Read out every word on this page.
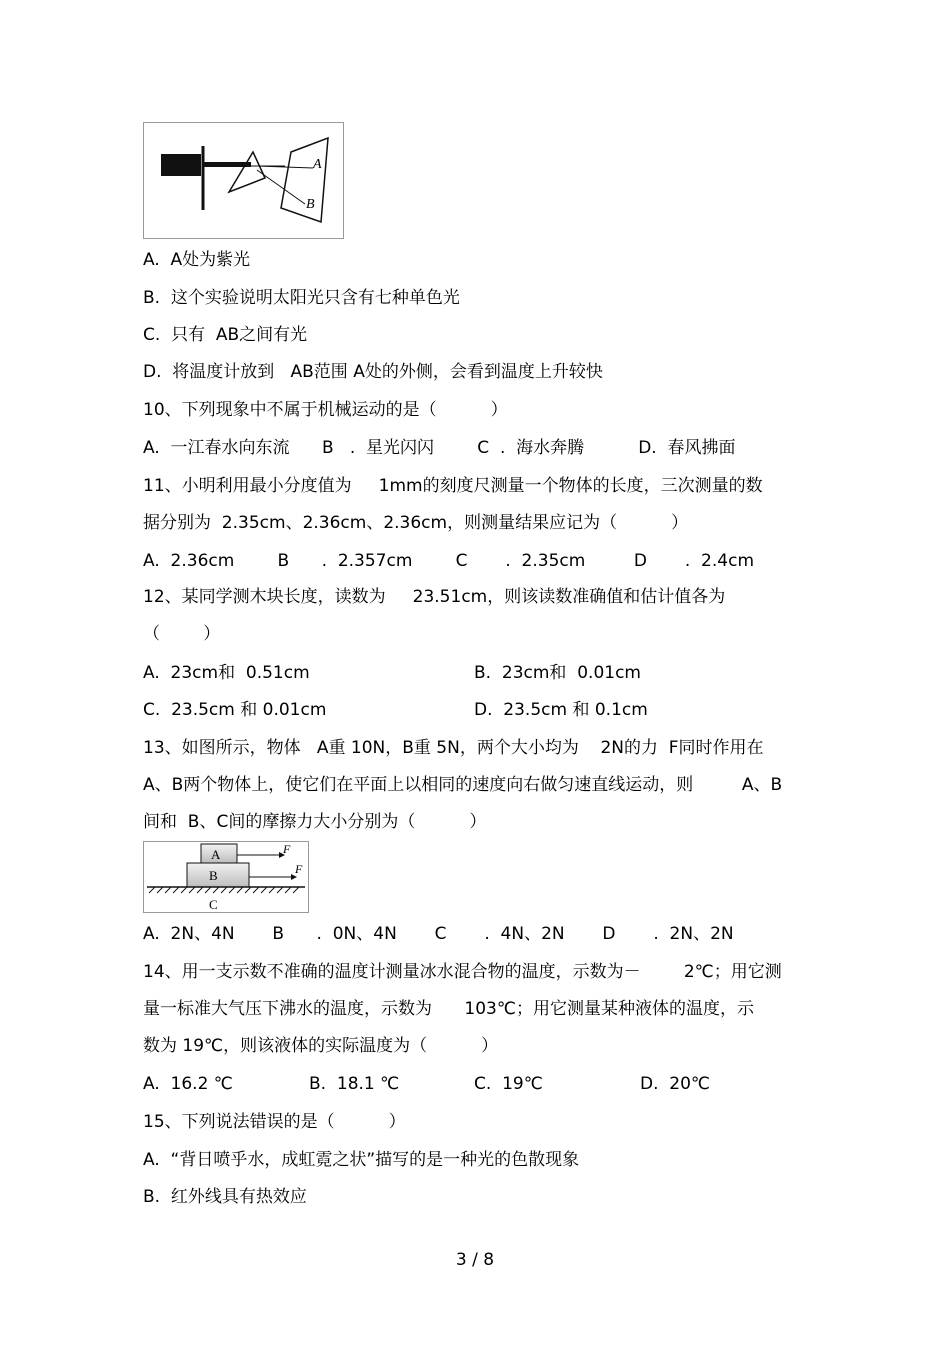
A
B
A.  A处为紫光
B.  这个实验说明太阳光只含有七种单色光
C.  只有  AB之间有光
D.  将温度计放到   AB范围 A处的外侧，会看到温度上升较快
10、下列现象中不属于机械运动的是（          ）
A.  一江春水向东流      B   .  星光闪闪        C  .  海水奔腾          D.  春风拂面
11、小明利用最小分度值为     1mm的刻度尺测量一个物体的长度，三次测量的数
据分别为  2.35cm、2.36cm、2.36cm，则测量结果应记为（          ）
A.  2.36cm        B      .  2.357cm        C       .  2.35cm         D       .  2.4cm
12、某同学测木块长度，读数为     23.51cm，则该读数准确值和估计值各为
（        ）
A.  23cm和  0.51cm	B.  23cm和  0.01cm
C.  23.5cm 和 0.01cm	D.  23.5cm 和 0.1cm
13、如图所示，物体   A重 10N，B重 5N，两个大小均为    2N的力  F同时作用在
A、B两个物体上，使它们在平面上以相同的速度向右做匀速直线运动，则         A、B
间和  B、C间的摩擦力大小分别为（          ）
A
B
C
F
F
A.  2N、4N       B      .  0N、4N       C       .  4N、2N       D       .  2N、2N
14、用一支示数不准确的温度计测量冰水混合物的温度，示数为－        2℃；用它测
量一标准大气压下沸水的温度，示数为      103℃；用它测量某种液体的温度，示
数为 19℃，则该液体的实际温度为（          ）
A.  16.2 ℃	B.  18.1 ℃	C.  19℃	D.  20℃
15、下列说法错误的是（          ）
A.  “背日喷乎水，成虹霓之状”描写的是一种光的色散现象
B.  红外线具有热效应
3 / 8
